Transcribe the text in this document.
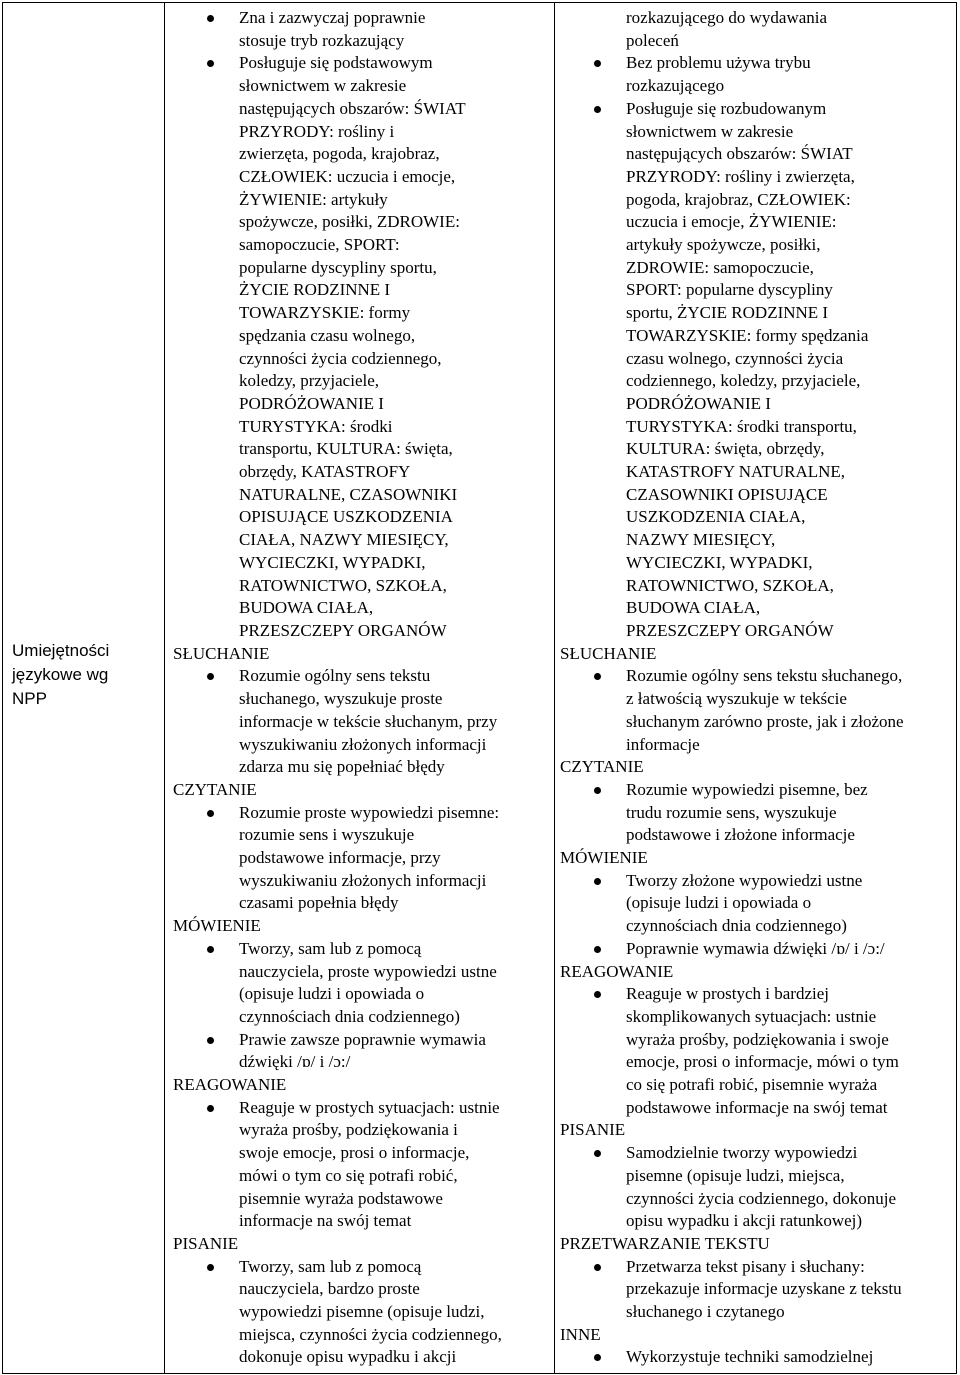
Umiejętności
językowe wg
NPP
Zna i zazwyczaj poprawnie
stosuje tryb rozkazujący
Posługuje się podstawowym
słownictwem w zakresie
następujących obszarów: ŚWIAT
PRZYRODY: rośliny i
zwierzęta, pogoda, krajobraz,
CZŁOWIEK: uczucia i emocje,
ŻYWIENIE: artykuły
spożywcze, posiłki, ZDROWIE:
samopoczucie, SPORT:
popularne dyscypliny sportu,
ŻYCIE RODZINNE I
TOWARZYSKIE: formy
spędzania czasu wolnego,
czynności życia codziennego,
koledzy, przyjaciele,
PODRÓŻOWANIE I
TURYSTYKA: środki
transportu, KULTURA: święta,
obrzędy, KATASTROFY
NATURALNE, CZASOWNIKI
OPISUJĄCE USZKODZENIA
CIAŁA, NAZWY MIESIĘCY,
WYCIECZKI, WYPADKI,
RATOWNICTWO, SZKOŁA,
BUDOWA CIAŁA,
PRZESZCZEPY ORGANÓW
SŁUCHANIE
Rozumie ogólny sens tekstu
słuchanego, wyszukuje proste
informacje w tekście słuchanym, przy
wyszukiwaniu złożonych informacji
zdarza mu się popełniać błędy
CZYTANIE
Rozumie proste wypowiedzi pisemne:
rozumie sens i wyszukuje
podstawowe informacje, przy
wyszukiwaniu złożonych informacji
czasami popełnia błędy
MÓWIENIE
Tworzy, sam lub z pomocą
nauczyciela, proste wypowiedzi ustne
(opisuje ludzi i opowiada o
czynnościach dnia codziennego)
Prawie zawsze poprawnie wymawia
dźwięki /ɒ/ i /ɔ:/
REAGOWANIE
Reaguje w prostych sytuacjach: ustnie
wyraża prośby, podziękowania i
swoje emocje, prosi o informacje,
mówi o tym co się potrafi robić,
pisemnie wyraża podstawowe
informacje na swój temat
PISANIE
Tworzy, sam lub z pomocą
nauczyciela, bardzo proste
wypowiedzi pisemne (opisuje ludzi,
miejsca, czynności życia codziennego,
dokonuje opisu wypadku i akcji
rozkazującego do wydawania
poleceń
Bez problemu używa trybu
rozkazującego
Posługuje się rozbudowanym
słownictwem w zakresie
następujących obszarów: ŚWIAT
PRZYRODY: rośliny i zwierzęta,
pogoda, krajobraz, CZŁOWIEK:
uczucia i emocje, ŻYWIENIE:
artykuły spożywcze, posiłki,
ZDROWIE: samopoczucie,
SPORT: popularne dyscypliny
sportu, ŻYCIE RODZINNE I
TOWARZYSKIE: formy spędzania
czasu wolnego, czynności życia
codziennego, koledzy, przyjaciele,
PODRÓŻOWANIE I
TURYSTYKA: środki transportu,
KULTURA: święta, obrzędy,
KATASTROFY NATURALNE,
CZASOWNIKI OPISUJĄCE
USZKODZENIA CIAŁA,
NAZWY MIESIĘCY,
WYCIECZKI, WYPADKI,
RATOWNICTWO, SZKOŁA,
BUDOWA CIAŁA,
PRZESZCZEPY ORGANÓW
SŁUCHANIE
Rozumie ogólny sens tekstu słuchanego,
z łatwością wyszukuje w tekście
słuchanym zarówno proste, jak i złożone
informacje
CZYTANIE
Rozumie wypowiedzi pisemne, bez
trudu rozumie sens, wyszukuje
podstawowe i złożone informacje
MÓWIENIE
Tworzy złożone wypowiedzi ustne
(opisuje ludzi i opowiada o
czynnościach dnia codziennego)
Poprawnie wymawia dźwięki /ɒ/ i /ɔ:/
REAGOWANIE
Reaguje w prostych i bardziej
skomplikowanych sytuacjach: ustnie
wyraża prośby, podziękowania i swoje
emocje, prosi o informacje, mówi o tym
co się potrafi robić, pisemnie wyraża
podstawowe informacje na swój temat
PISANIE
Samodzielnie tworzy wypowiedzi
pisemne (opisuje ludzi, miejsca,
czynności życia codziennego, dokonuje
opisu wypadku i akcji ratunkowej)
PRZETWARZANIE TEKSTU
Przetwarza tekst pisany i słuchany:
przekazuje informacje uzyskane z tekstu
słuchanego i czytanego
INNE
Wykorzystuje techniki samodzielnej
